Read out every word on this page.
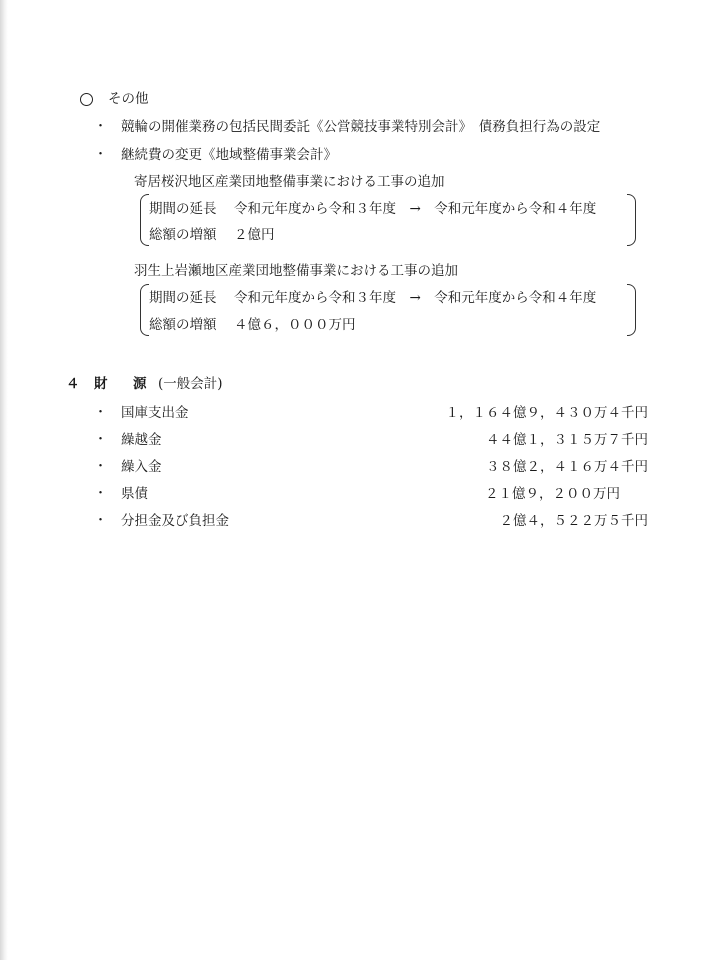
その他
・ 競輪の開催業務の包括民間委託《公営競技事業特別会計》　債務負担行為の設定
・ 継続費の変更《地域整備事業会計》
寄居桜沢地区産業団地整備事業における工事の追加
期間の延長 令和元年度から令和３年度　→　令和元年度から令和４年度
総額の増額 ２億円
羽生上岩瀬地区産業団地整備事業における工事の追加
期間の延長 令和元年度から令和３年度　→　令和元年度から令和４年度
総額の増額 ４億６，０００万円
４ 財　源 (一般会計)
・ 国庫支出金	１，１６４億９，４３０万４千円
・ 繰越金	４４億１，３１５万７千円
・ 繰入金	３８億２，４１６万４千円
・ 県債	２１億９，２００万円
・ 分担金及び負担金	２億４，５２２万５千円
